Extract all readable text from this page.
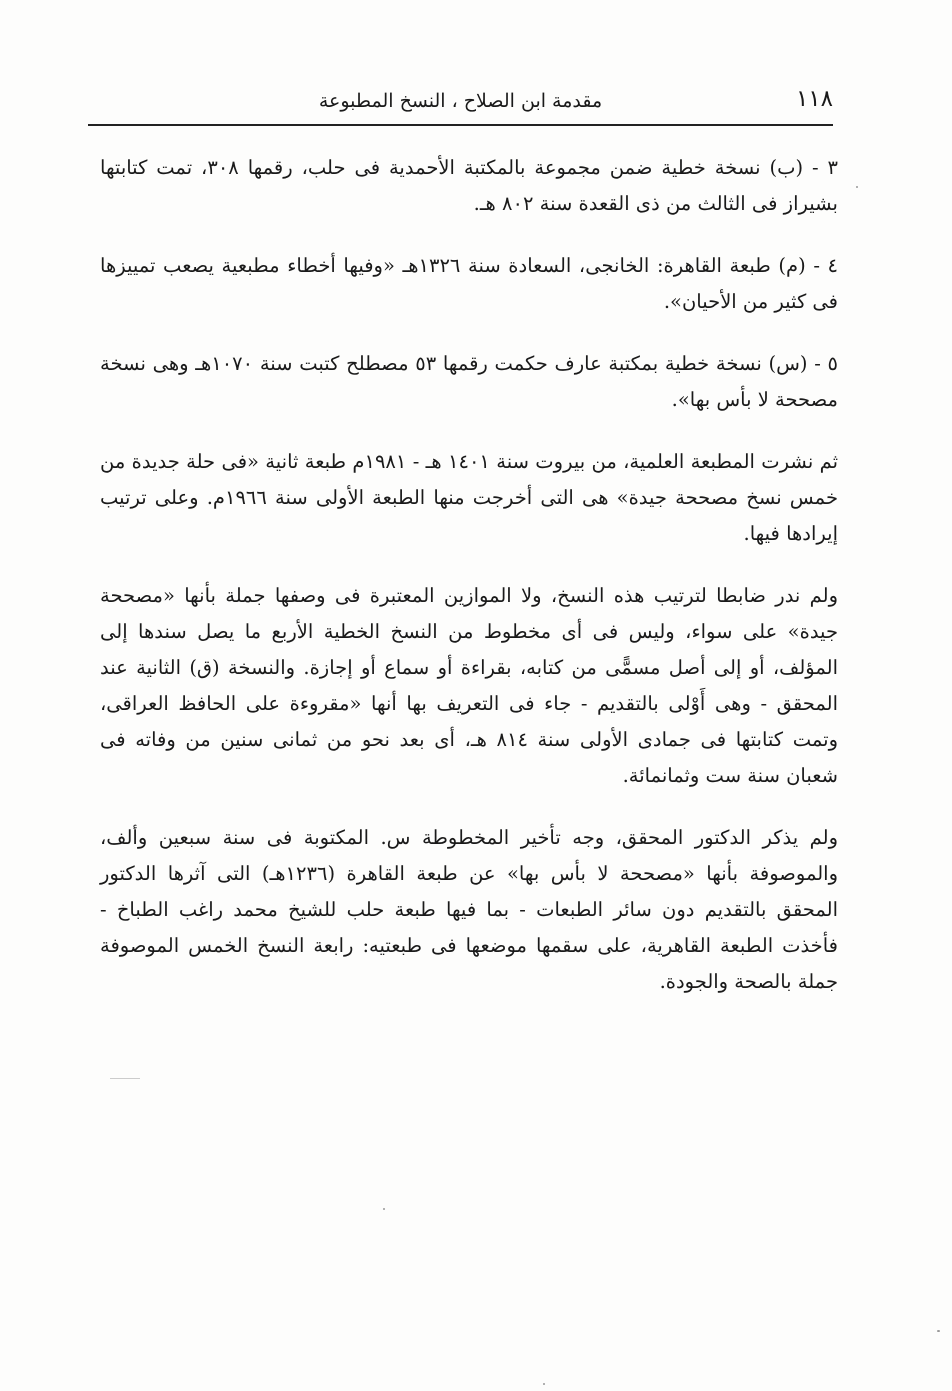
١١٨
مقدمة ابن الصلاح ، النسخ المطبوعة

٣ - (ب) نسخة خطية ضمن مجموعة بالمكتبة الأحمدية فى حلب، رقمها ٣٠٨، تمت كتابتها بشيراز فى الثالث من ذى القعدة سنة ٨٠٢ هـ.

٤ - (م) طبعة القاهرة: الخانجى، السعادة سنة ١٣٢٦هـ «وفيها أخطاء مطبعية يصعب تمييزها فى كثير من الأحيان».

٥ - (س) نسخة خطية بمكتبة عارف حكمت رقمها ٥٣ مصطلح كتبت سنة ١٠٧٠هـ وهى نسخة مصححة لا بأس بها».

ثم نشرت المطبعة العلمية، من بيروت سنة ١٤٠١ هـ - ١٩٨١م طبعة ثانية «فى حلة جديدة من خمس نسخ مصححة جيدة» هى التى أخرجت منها الطبعة الأولى سنة ١٩٦٦م. وعلى ترتيب إيرادها فيها.

ولم ندر ضابطا لترتيب هذه النسخ، ولا الموازين المعتبرة فى وصفها جملة بأنها «مصححة جيدة» على سواء، وليس فى أى مخطوط من النسخ الخطية الأربع ما يصل سندها إلى المؤلف، أو إلى أصل مسمًّى من كتابه، بقراءة أو سماع أو إجازة. والنسخة (ق) الثانية عند المحقق - وهى أَوْلى بالتقديم - جاء فى التعريف بها أنها «مقروءة على الحافظ العراقى، وتمت كتابتها فى جمادى الأولى سنة ٨١٤ هـ، أى بعد نحو من ثمانى سنين من وفاته فى شعبان سنة ست وثمانمائة.

ولم يذكر الدكتور المحقق، وجه تأخير المخطوطة س. المكتوبة فى سنة سبعين وألف، والموصوفة بأنها «مصححة لا بأس بها» عن طبعة القاهرة (١٢٣٦هـ) التى آثرها الدكتور المحقق بالتقديم دون سائر الطبعات - بما فيها طبعة حلب للشيخ محمد راغب الطباخ - فأخذت الطبعة القاهرية، على سقمها موضعها فى طبعتيه: رابعة النسخ الخمس الموصوفة جملة بالصحة والجودة.
